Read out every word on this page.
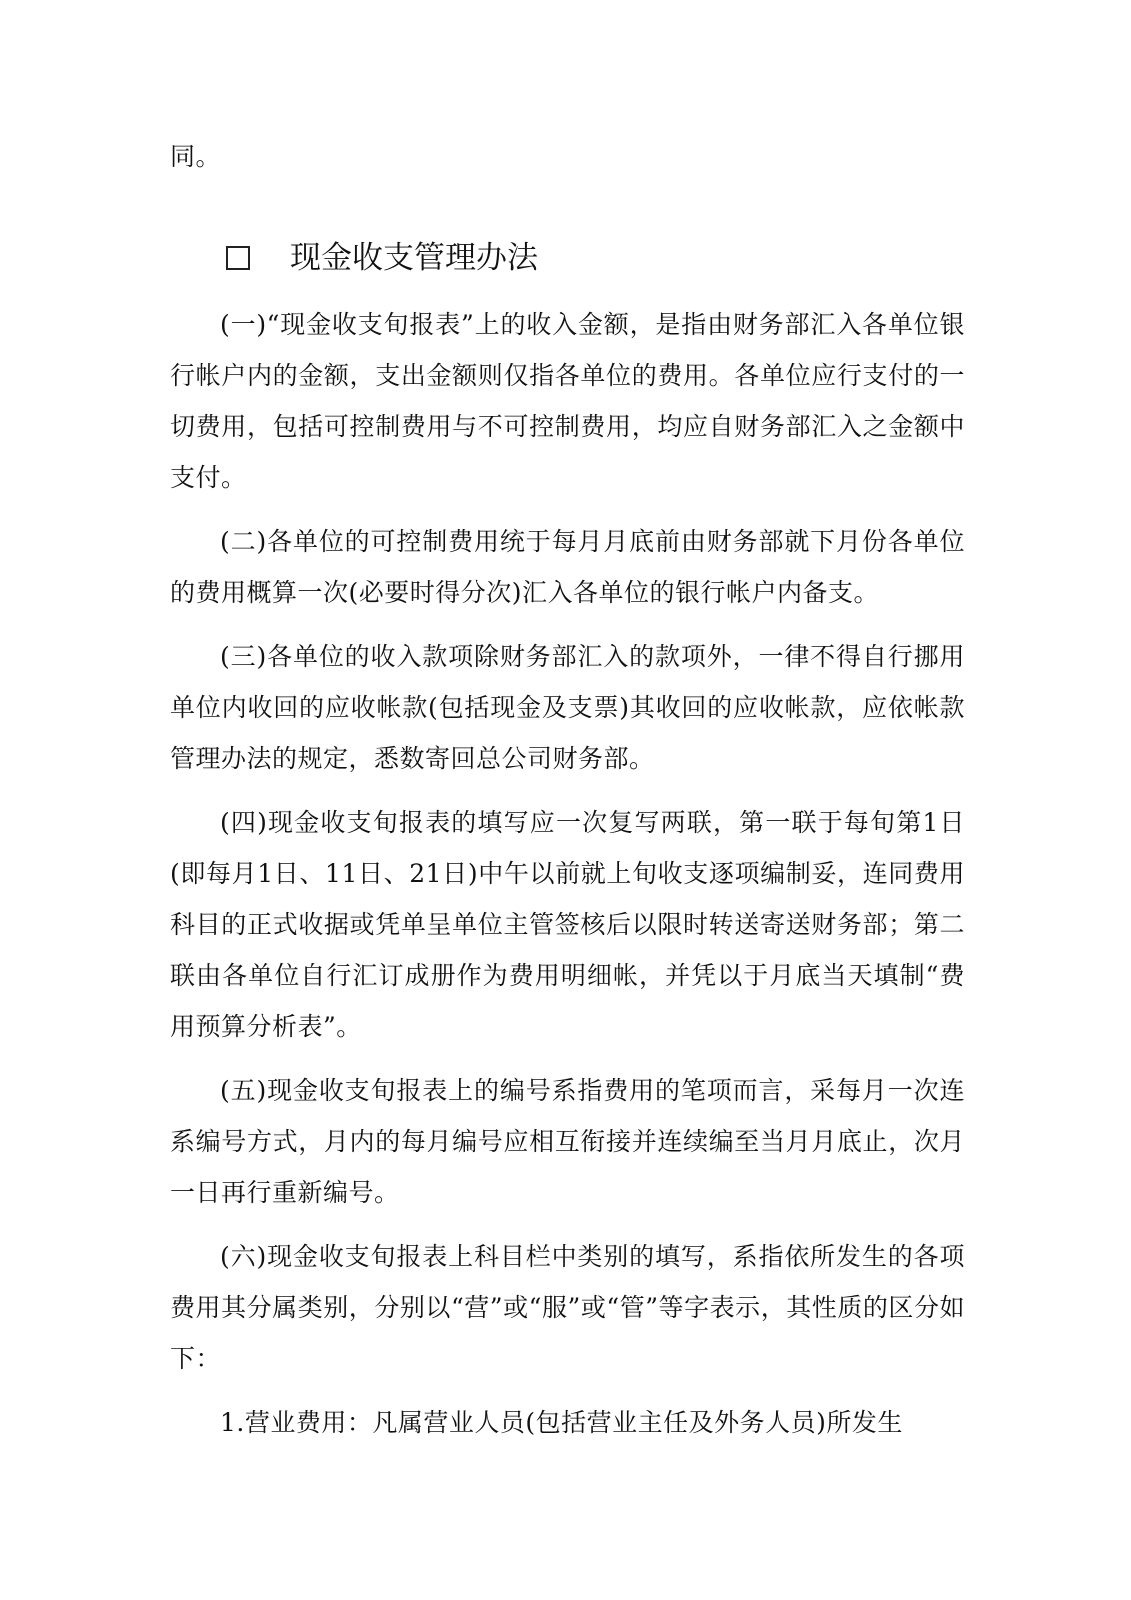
同。
现金收支管理办法

(一)“现金收支旬报表”上的收入金额，是指由财务部汇入各单位银行帐户内的金额，支出金额则仅指各单位的费用。各单位应行支付的一切费用，包括可控制费用与不可控制费用，均应自财务部汇入之金额中支付。

(二)各单位的可控制费用统于每月月底前由财务部就下月份各单位的费用概算一次(必要时得分次)汇入各单位的银行帐户内备支。

(三)各单位的收入款项除财务部汇入的款项外，一律不得自行挪用单位内收回的应收帐款(包括现金及支票)其收回的应收帐款，应依帐款管理办法的规定，悉数寄回总公司财务部。

(四)现金收支旬报表的填写应一次复写两联，第一联于每旬第1日(即每月1日、11日、21日)中午以前就上旬收支逐项编制妥，连同费用科目的正式收据或凭单呈单位主管签核后以限时转送寄送财务部；第二联由各单位自行汇订成册作为费用明细帐，并凭以于月底当天填制“费用预算分析表”。

(五)现金收支旬报表上的编号系指费用的笔项而言，采每月一次连系编号方式，月内的每月编号应相互衔接并连续编至当月月底止，次月一日再行重新编号。

(六)现金收支旬报表上科目栏中类别的填写，系指依所发生的各项费用其分属类别，分别以“营”或“服”或“管”等字表示，其性质的区分如下：

1.营业费用：凡属营业人员(包括营业主任及外务人员)所发生
